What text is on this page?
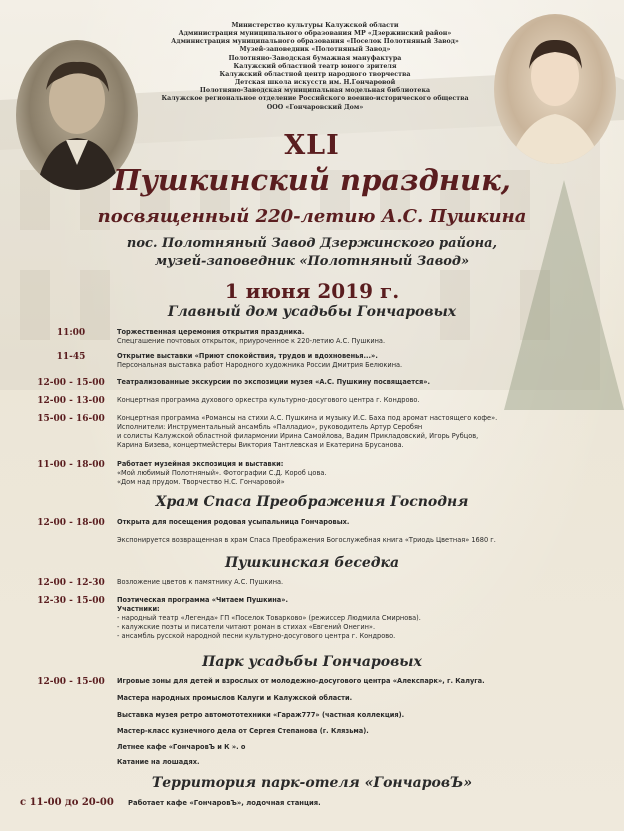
Министерство культуры Калужской области
Администрация муниципального образования МР «Дзержинский район»
Администрация муниципального образования «Поселок Полотняный Завод»
Музей-заповедник «Полотняный Завод»
Полотняно-Заводская бумажная мануфактура
Калужский областной театр юного зрителя
Калужский областной центр народного творчества
Детская школа искусств им. Н.Гончаровой
Полотняно-Заводская муниципальная модельная библиотека
Калужское региональное отделение Российского военно-исторического общества
ООО «Гончаровский Дом»
XLI
Пушкинский праздник,
посвященный 220-летию А.С. Пушкина
пос. Полотняный Завод Дзержинского района,
музей-заповедник «Полотняный Завод»
1 июня 2019 г.
Главный дом усадьбы Гончаровых
11:00	Торжественная церемония открытия праздника.
Спецгашение почтовых открыток, приуроченное к 220-летию А.С. Пушкина.
11-45	Открытие выставки «Приют спокойствия, трудов и вдохновенья...».
Персональная выставка работ Народного художника России Дмитрия Белюкина.
12-00 - 15-00	Театрализованные экскурсии по экспозиции музея «А.С. Пушкину посвящается».
12-00 - 13-00	Концертная программа духового оркестра культурно-досугового центра г. Кондрово.
15-00 - 16-00	Концертная программа «Романсы на стихи А.С. Пушкина и музыку И.С. Баха под аромат настоящего кофе».
Исполнители: Инструментальный ансамбль «Палладио», руководитель Артур Серобян
и солисты Калужской областной филармонии Ирина Самойлова, Вадим Прикладовский, Игорь Рубцов,
Карина Бизева, концертмейстеры Виктория Тантлевская и Екатерина Брусанова.
11-00 - 18-00	Работает музейная экспозиция и выставки:
«Мой любимый Полотняный». Фотографии С.Д. Короб цова.
«Дом над прудом. Творчество Н.С. Гончаровой»
Храм Спаса Преображения Господня
12-00 - 18-00	Открыта для посещения родовая усыпальница Гончаровых.
Экспонируется возвращенная в храм Спаса Преображения Богослужебная книга «Триодь Цветная» 1680 г.
Пушкинская беседка
12-00 - 12-30	Возложение цветов к памятнику А.С. Пушкина.
12-30 - 15-00	Поэтическая программа «Читаем Пушкина».
Участники:
- народный театр «Легенда» ГП «Поселок Товарково» (режиссер Людмила Смирнова).
- калужские поэты и писатели читают роман в стихах «Евгений Онегин».
- ансамбль русской народной песни культурно-досугового центра г. Кондрово.
Парк усадьбы Гончаровых
12-00 - 15-00	Игровые зоны для детей и взрослых от молодежно-досугового центра «Алекспарк», г. Калуга.
Мастера народных промыслов Калуги и Калужской области.
Выставка музея ретро автомототехники «Гараж777» (частная коллекция).
Мастер-класс кузнечного дела от Сергея Степанова (г. Клязьма).
Летнее кафе «ГончаровЪ и К ». o
Катание на лошадях.
Территория парк-отеля «ГончаровЪ»
с 11-00 до 20-00 Работает кафе «ГончаровЪ», лодочная станция.
